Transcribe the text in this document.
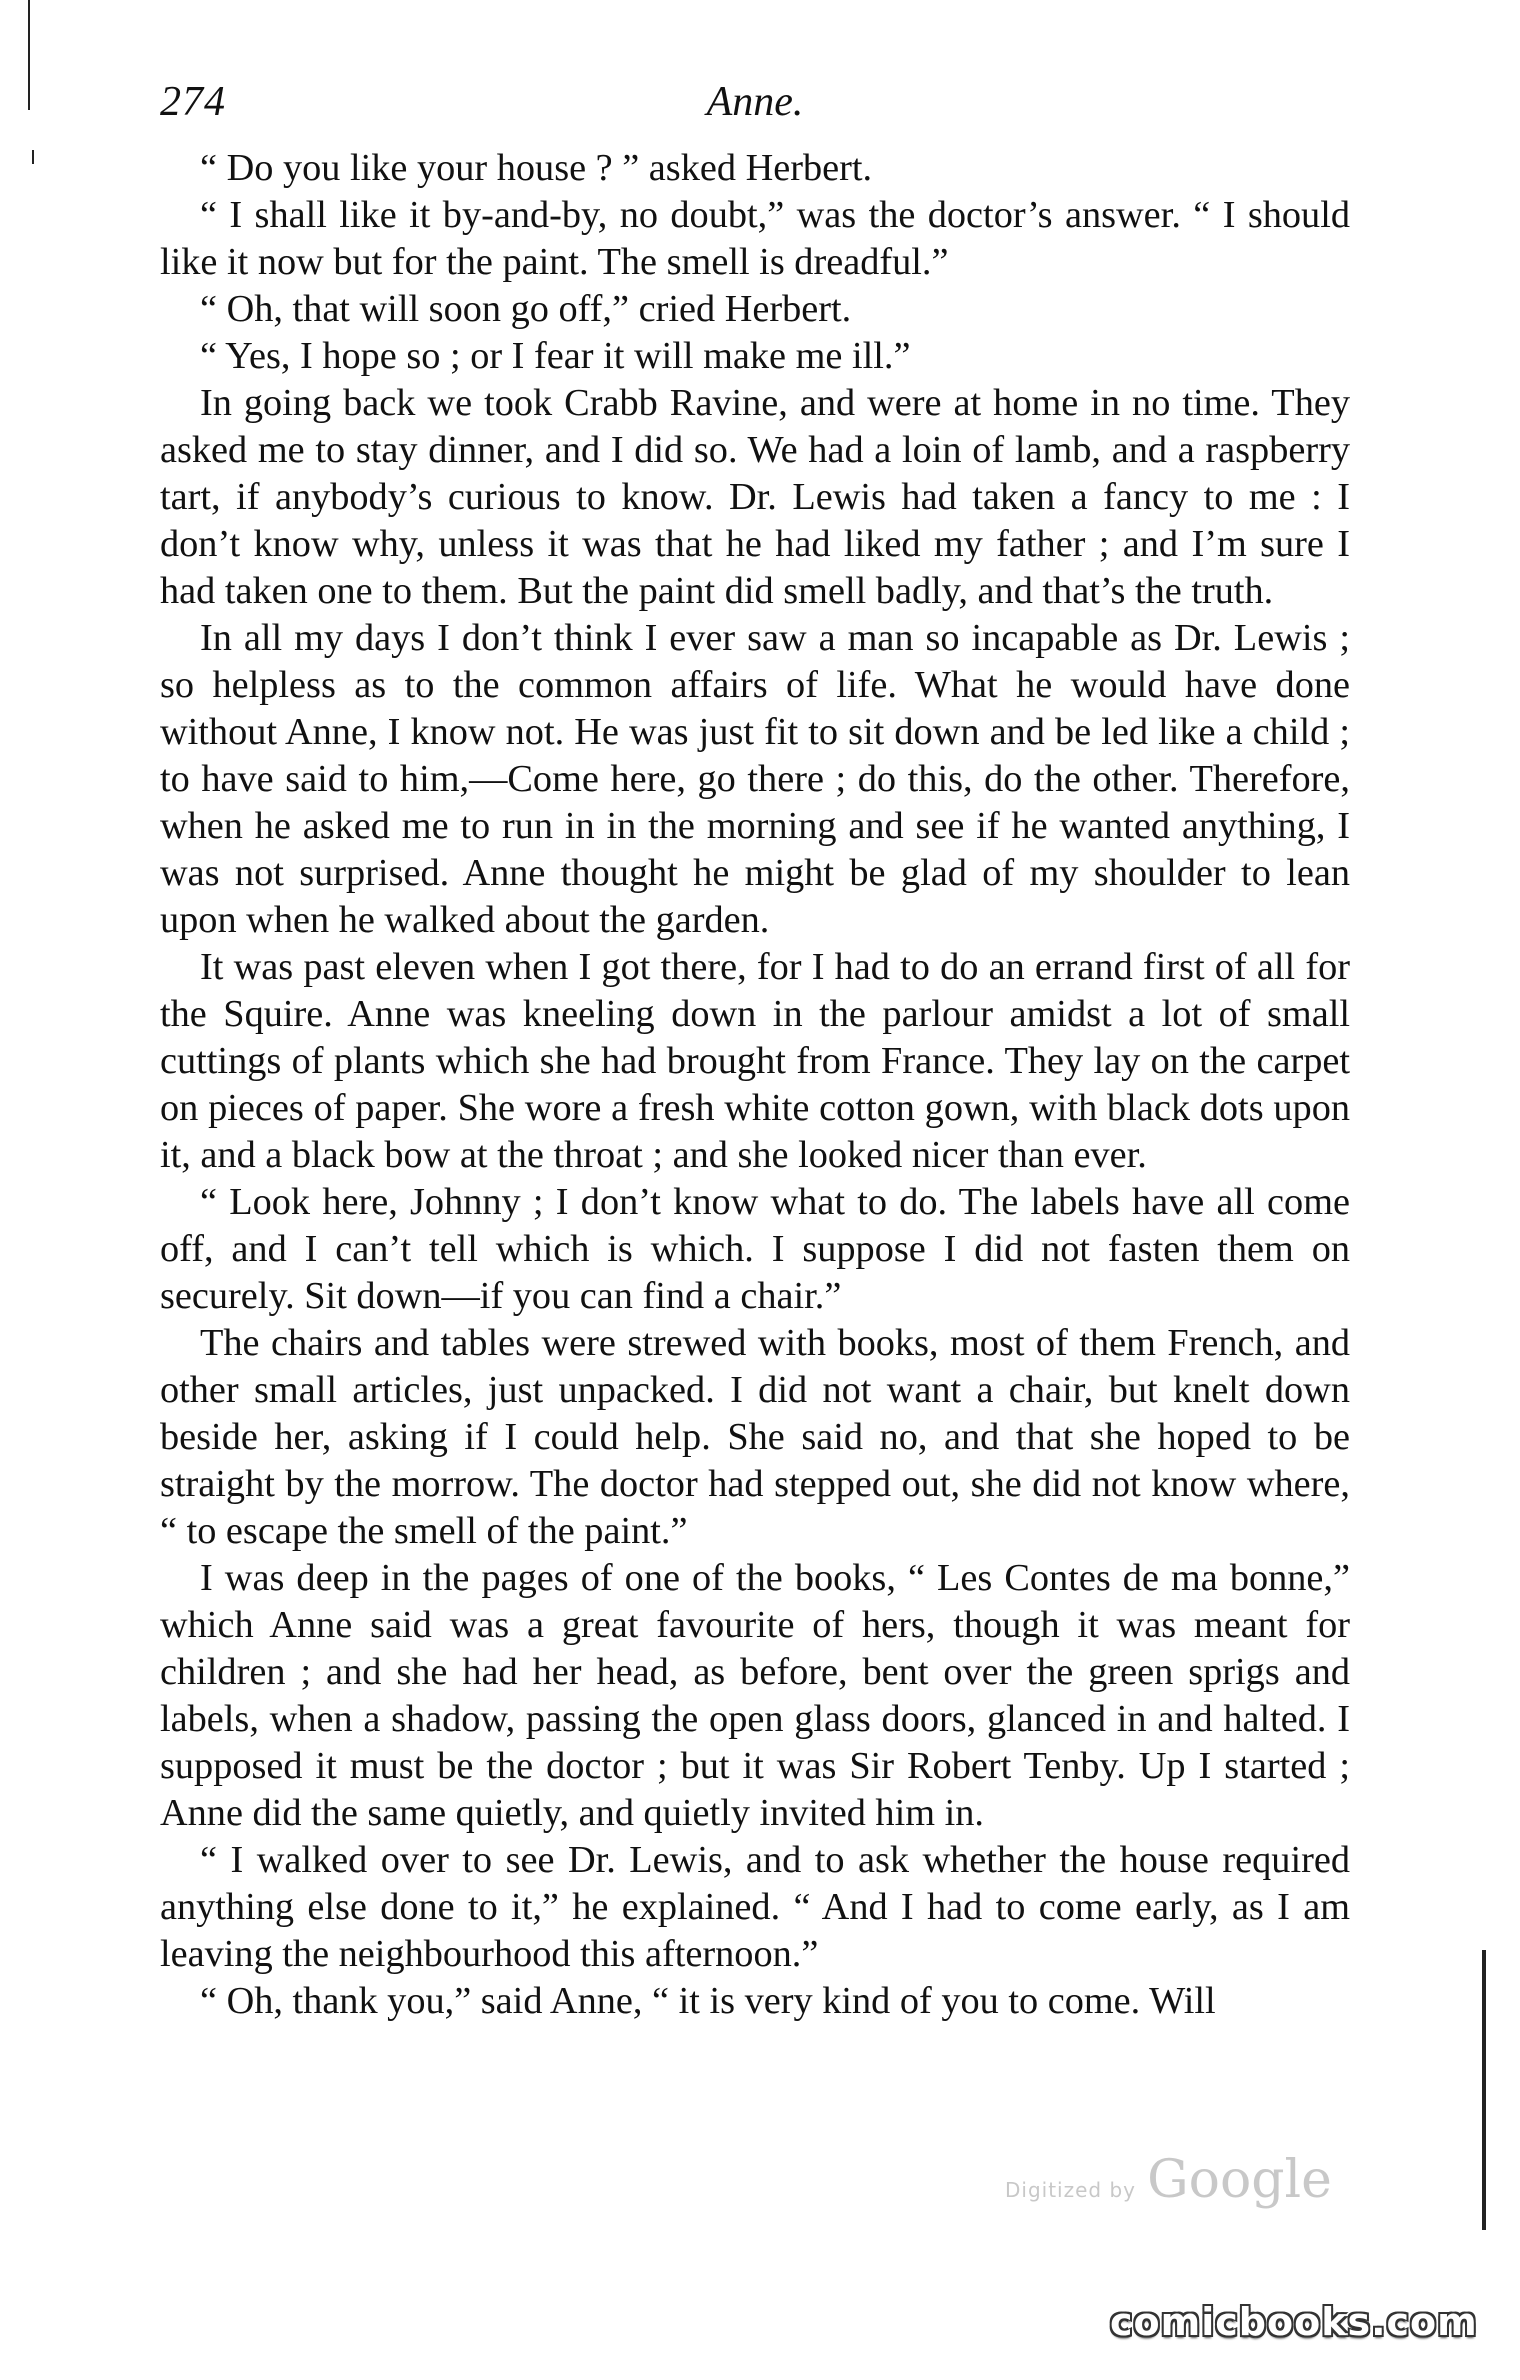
274	Anne.

“ Do you like your house ? ” asked Herbert.

“ I shall like it by-and-by, no doubt,” was the doctor’s answer. “ I should like it now but for the paint. The smell is dreadful.”

“ Oh, that will soon go off,” cried Herbert.

“ Yes, I hope so ; or I fear it will make me ill.”

In going back we took Crabb Ravine, and were at home in no time. They asked me to stay dinner, and I did so. We had a loin of lamb, and a raspberry tart, if anybody’s curious to know. Dr. Lewis had taken a fancy to me : I don’t know why, unless it was that he had liked my father ; and I’m sure I had taken one to them. But the paint did smell badly, and that’s the truth.

In all my days I don’t think I ever saw a man so incapable as Dr. Lewis ; so helpless as to the common affairs of life. What he would have done without Anne, I know not. He was just fit to sit down and be led like a child ; to have said to him,—Come here, go there ; do this, do the other. Therefore, when he asked me to run in in the morning and see if he wanted anything, I was not surprised. Anne thought he might be glad of my shoulder to lean upon when he walked about the garden.

It was past eleven when I got there, for I had to do an errand first of all for the Squire. Anne was kneeling down in the parlour amidst a lot of small cuttings of plants which she had brought from France. They lay on the carpet on pieces of paper. She wore a fresh white cotton gown, with black dots upon it, and a black bow at the throat ; and she looked nicer than ever.

“ Look here, Johnny ; I don’t know what to do. The labels have all come off, and I can’t tell which is which. I suppose I did not fasten them on securely. Sit down—if you can find a chair.”

The chairs and tables were strewed with books, most of them French, and other small articles, just unpacked. I did not want a chair, but knelt down beside her, asking if I could help. She said no, and that she hoped to be straight by the morrow. The doctor had stepped out, she did not know where, “ to escape the smell of the paint.”

I was deep in the pages of one of the books, “ Les Contes de ma bonne,” which Anne said was a great favourite of hers, though it was meant for children ; and she had her head, as before, bent over the green sprigs and labels, when a shadow, passing the open glass doors, glanced in and halted. I supposed it must be the doctor ; but it was Sir Robert Tenby. Up I started ; Anne did the same quietly, and quietly invited him in.

“ I walked over to see Dr. Lewis, and to ask whether the house required anything else done to it,” he explained. “ And I had to come early, as I am leaving the neighbourhood this afternoon.”

“ Oh, thank you,” said Anne, “ it is very kind of you to come. Will

Digitized by Google
comicbooks.com
